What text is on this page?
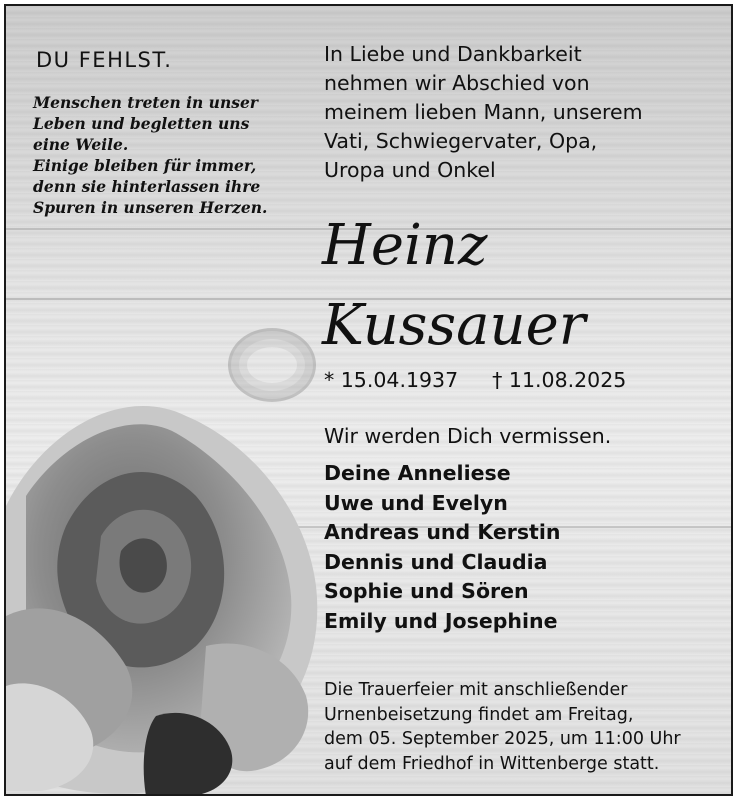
DU FEHLST.
Menschen treten in unser
Leben und begletten uns
eine Weile.
Einige bleiben für immer,
denn sie hinterlassen ihre
Spuren in unseren Herzen.
In Liebe und Dankbarkeit
nehmen wir Abschied von
meinem lieben Mann, unserem
Vati, Schwiegervater, Opa,
Uropa und Onkel
Heinz
Kussauer
* 15.04.1937 † 11.08.2025
Wir werden Dich vermissen.
Deine Anneliese
Uwe und Evelyn
Andreas und Kerstin
Dennis und Claudia
Sophie und Sören
Emily und Josephine
Die Trauerfeier mit anschließender
Urnenbeisetzung findet am Freitag,
dem 05. September 2025, um 11:00 Uhr
auf dem Friedhof in Wittenberge statt.
